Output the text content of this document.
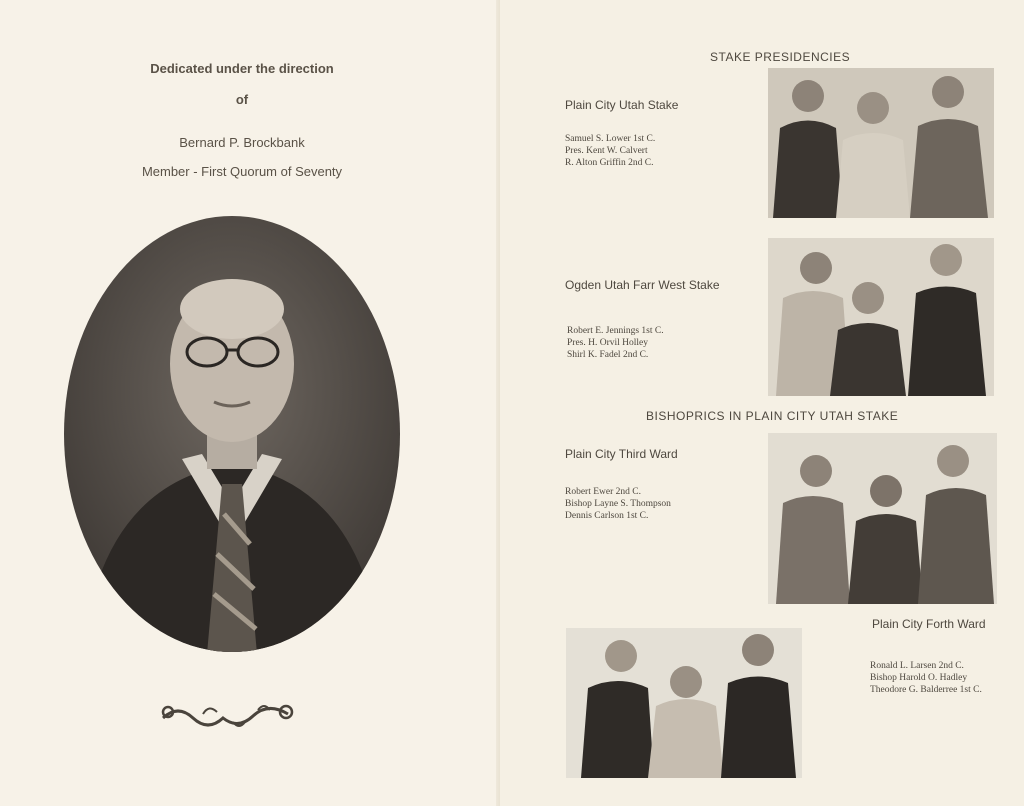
Dedicated under the direction
of
Bernard P. Brockbank
Member - First Quorum of Seventy
STAKE PRESIDENCIES
Plain City Utah Stake
Samuel S. Lower 1st C.
Pres. Kent W. Calvert
R. Alton Griffin 2nd C.
Ogden Utah Farr West Stake
Robert E. Jennings 1st C.
Pres. H. Orvil Holley
Shirl K. Fadel 2nd C.
BISHOPRICS IN PLAIN CITY UTAH STAKE
Plain City Third Ward
Robert Ewer 2nd C.
Bishop Layne S. Thompson
Dennis Carlson 1st C.
Plain City Forth Ward
Ronald L. Larsen 2nd C.
Bishop Harold O. Hadley
Theodore G. Balderree 1st C.
